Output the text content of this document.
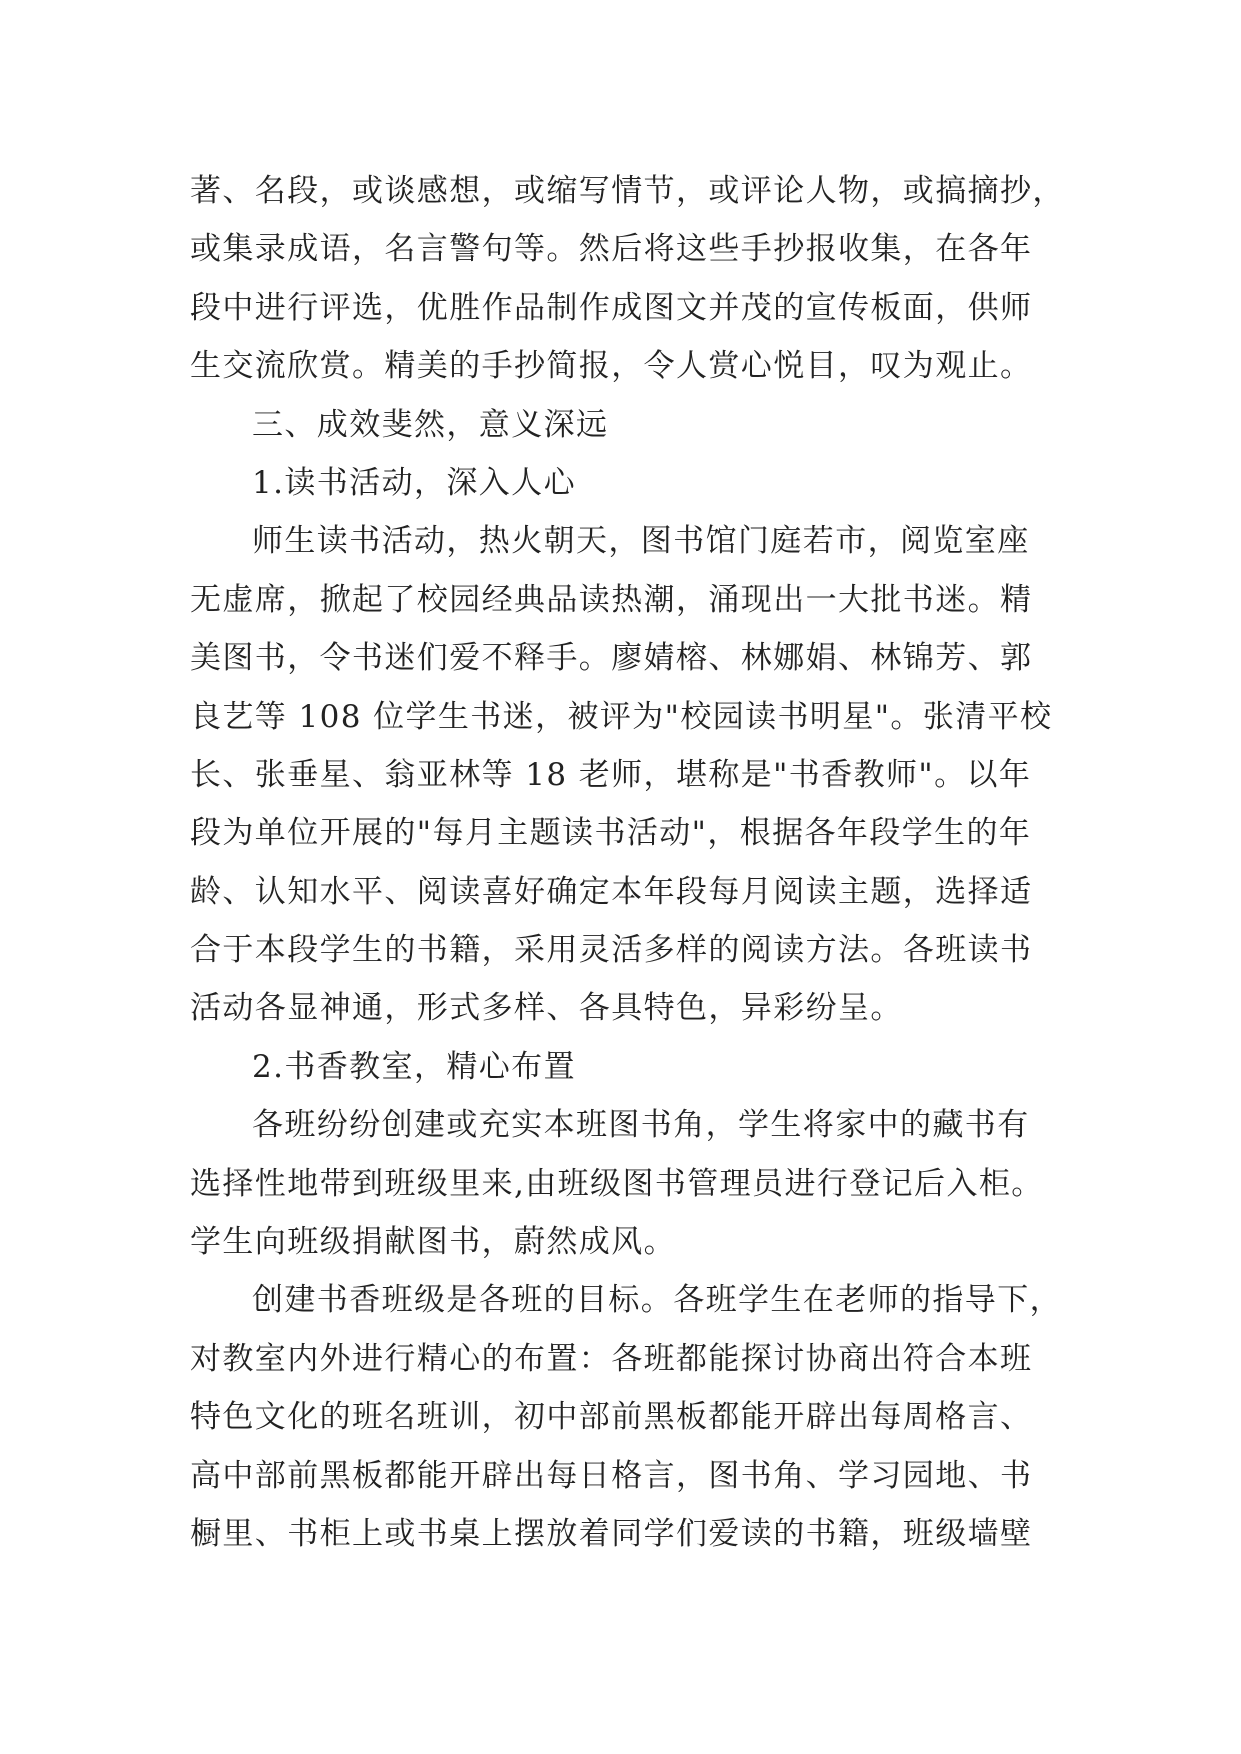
著、名段，或谈感想，或缩写情节，或评论人物，或搞摘抄，
或集录成语，名言警句等。然后将这些手抄报收集，在各年
段中进行评选，优胜作品制作成图文并茂的宣传板面，供师
生交流欣赏。精美的手抄简报，令人赏心悦目，叹为观止。
三、成效斐然，意义深远
1.读书活动，深入人心
师生读书活动，热火朝天，图书馆门庭若市，阅览室座
无虚席，掀起了校园经典品读热潮，涌现出一大批书迷。精
美图书，令书迷们爱不释手。廖婧榕、林娜娟、林锦芳、郭
良艺等 108 位学生书迷，被评为"校园读书明星"。张清平校
长、张垂星、翁亚林等 18 老师，堪称是"书香教师"。以年
段为单位开展的"每月主题读书活动"，根据各年段学生的年
龄、认知水平、阅读喜好确定本年段每月阅读主题，选择适
合于本段学生的书籍，采用灵活多样的阅读方法。各班读书
活动各显神通，形式多样、各具特色，异彩纷呈。
2.书香教室，精心布置
各班纷纷创建或充实本班图书角，学生将家中的藏书有
选择性地带到班级里来,由班级图书管理员进行登记后入柜。
学生向班级捐献图书，蔚然成风。
创建书香班级是各班的目标。各班学生在老师的指导下，
对教室内外进行精心的布置：各班都能探讨协商出符合本班
特色文化的班名班训，初中部前黑板都能开辟出每周格言、
高中部前黑板都能开辟出每日格言，图书角、学习园地、书
橱里、书柜上或书桌上摆放着同学们爱读的书籍，班级墙壁
